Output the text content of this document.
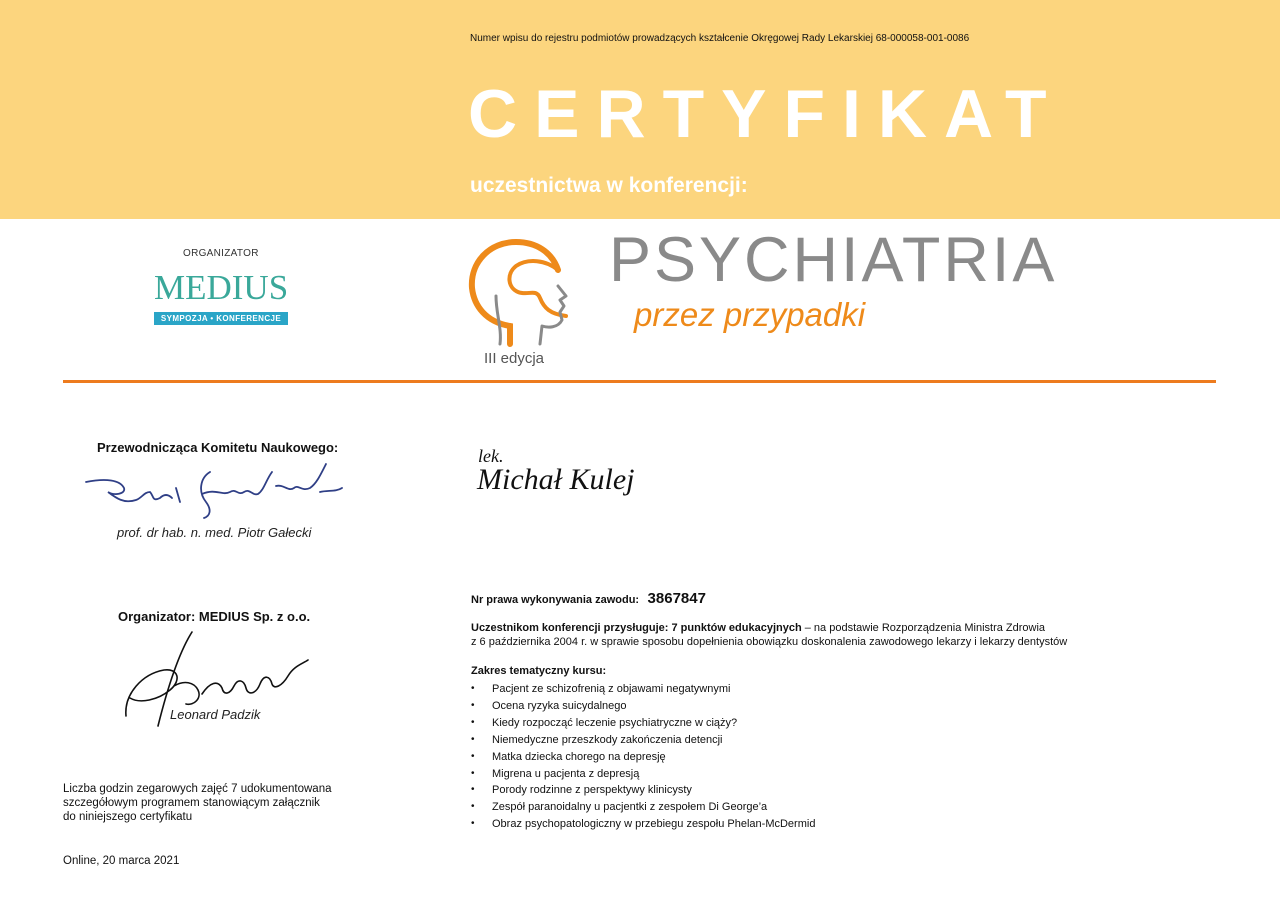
Numer wpisu do rejestru podmiotów prowadzących kształcenie Okręgowej Rady Lekarskiej 68-000058-001-0086
CERTYFIKAT
uczestnictwa w konferencji:
ORGANIZATOR
MEDIUS
SYMPOZJA • KONFERENCJE
III edycja
PSYCHIATRIA
przez przypadki
Przewodnicząca Komitetu Naukowego:
prof. dr hab. n. med. Piotr Gałecki
Organizator: MEDIUS Sp. z o.o.
Leonard Padzik
Liczba godzin zegarowych zajęć 7 udokumentowana
szczegółowym programem stanowiącym załącznik
do niniejszego certyfikatu
Online, 20 marca 2021
lek.
Michał Kulej
Nr prawa wykonywania zawodu: 3867847
Uczestnikom konferencji przysługuje: 7 punktów edukacyjnych – na podstawie Rozporządzenia Ministra Zdrowia
z 6 października 2004 r. w sprawie sposobu dopełnienia obowiązku doskonalenia zawodowego lekarzy i lekarzy dentystów
Zakres tematyczny kursu:
• Pacjent ze schizofrenią z objawami negatywnymi
• Ocena ryzyka suicydalnego
• Kiedy rozpocząć leczenie psychiatryczne w ciąży?
• Niemedyczne przeszkody zakończenia detencji
• Matka dziecka chorego na depresję
• Migrena u pacjenta z depresją
• Porody rodzinne z perspektywy klinicysty
• Zespół paranoidalny u pacjentki z zespołem Di George’a
• Obraz psychopatologiczny w przebiegu zespołu Phelan-McDermid
